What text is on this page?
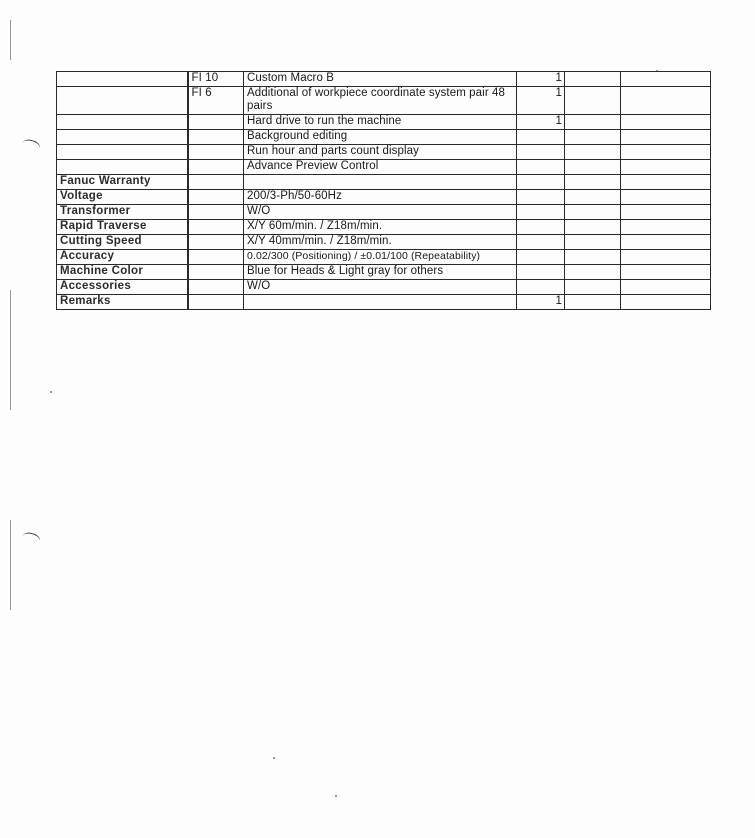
	FI 10	Custom Macro B	1		
	FI 6	Additional of workpiece coordinate system pair 48 pairs	1		
		Hard drive to run the machine	1		
		Background editing			
		Run hour and parts count display			
		Advance Preview Control			
Fanuc Warranty					
Voltage		200/3-Ph/50-60Hz			
Transformer		W/O			
Rapid Traverse		X/Y 60m/min. / Z18m/min.			
Cutting Speed		X/Y 40mm/min. / Z18m/min.			
Accuracy		0.02/300 (Positioning) / ±0.01/100 (Repeatability)			
Machine Color		Blue for Heads & Light gray for others			
Accessories		W/O			
Remarks			1		
